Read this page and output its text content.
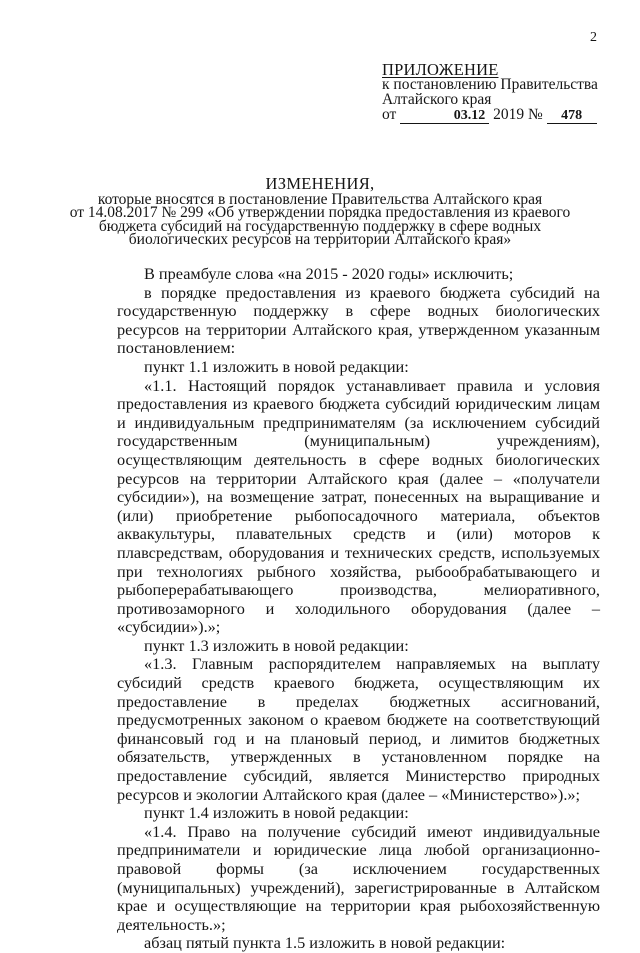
2
ПРИЛОЖЕНИЕ
к постановлению Правительства
Алтайского края
от	03.12 2019 № 478
ИЗМЕНЕНИЯ,
которые вносятся в постановление Правительства Алтайского края
от 14.08.2017 № 299 «Об утверждении порядка предоставления из краевого
бюджета субсидий на государственную поддержку в сфере водных
биологических ресурсов на территории Алтайского края»

В преамбуле слова «на 2015 - 2020 годы» исключить;

в порядке предоставления из краевого бюджета субсидий на государственную поддержку в сфере водных биологических ресурсов на территории Алтайского края, утвержденном указанным постановлением:

пункт 1.1 изложить в новой редакции:

«1.1. Настоящий порядок устанавливает правила и условия предоставления из краевого бюджета субсидий юридическим лицам и индивидуальным предпринимателям (за исключением субсидий государственным (муниципальным) учреждениям), осуществляющим деятельность в сфере водных биологических ресурсов на территории Алтайского края (далее – «получатели субсидии»), на возмещение затрат, понесенных на выращивание и (или) приобретение рыбопосадочного материала, объектов аквакультуры, плавательных средств и (или) моторов к плавсредствам, оборудования и технических средств, используемых при технологиях рыбного хозяйства, рыбообрабатывающего и рыбоперерабатывающего производства, мелиоративного, противозаморного и холодильного оборудования (далее – «субсидии»).»;

пункт 1.3 изложить в новой редакции:

«1.3. Главным распорядителем направляемых на выплату субсидий средств краевого бюджета, осуществляющим их предоставление в пределах бюджетных ассигнований, предусмотренных законом о краевом бюджете на соответствующий финансовый год и на плановый период, и лимитов бюджетных обязательств, утвержденных в установленном порядке на предоставление субсидий, является Министерство природных ресурсов и экологии Алтайского края (далее – «Министерство»).»;

пункт 1.4 изложить в новой редакции:

«1.4. Право на получение субсидий имеют индивидуальные предприниматели и юридические лица любой организационно-правовой формы (за исключением государственных (муниципальных) учреждений), зарегистрированные в Алтайском крае и осуществляющие на территории края рыбохозяйственную деятельность.»;

абзац пятый пункта 1.5 изложить в новой редакции:
